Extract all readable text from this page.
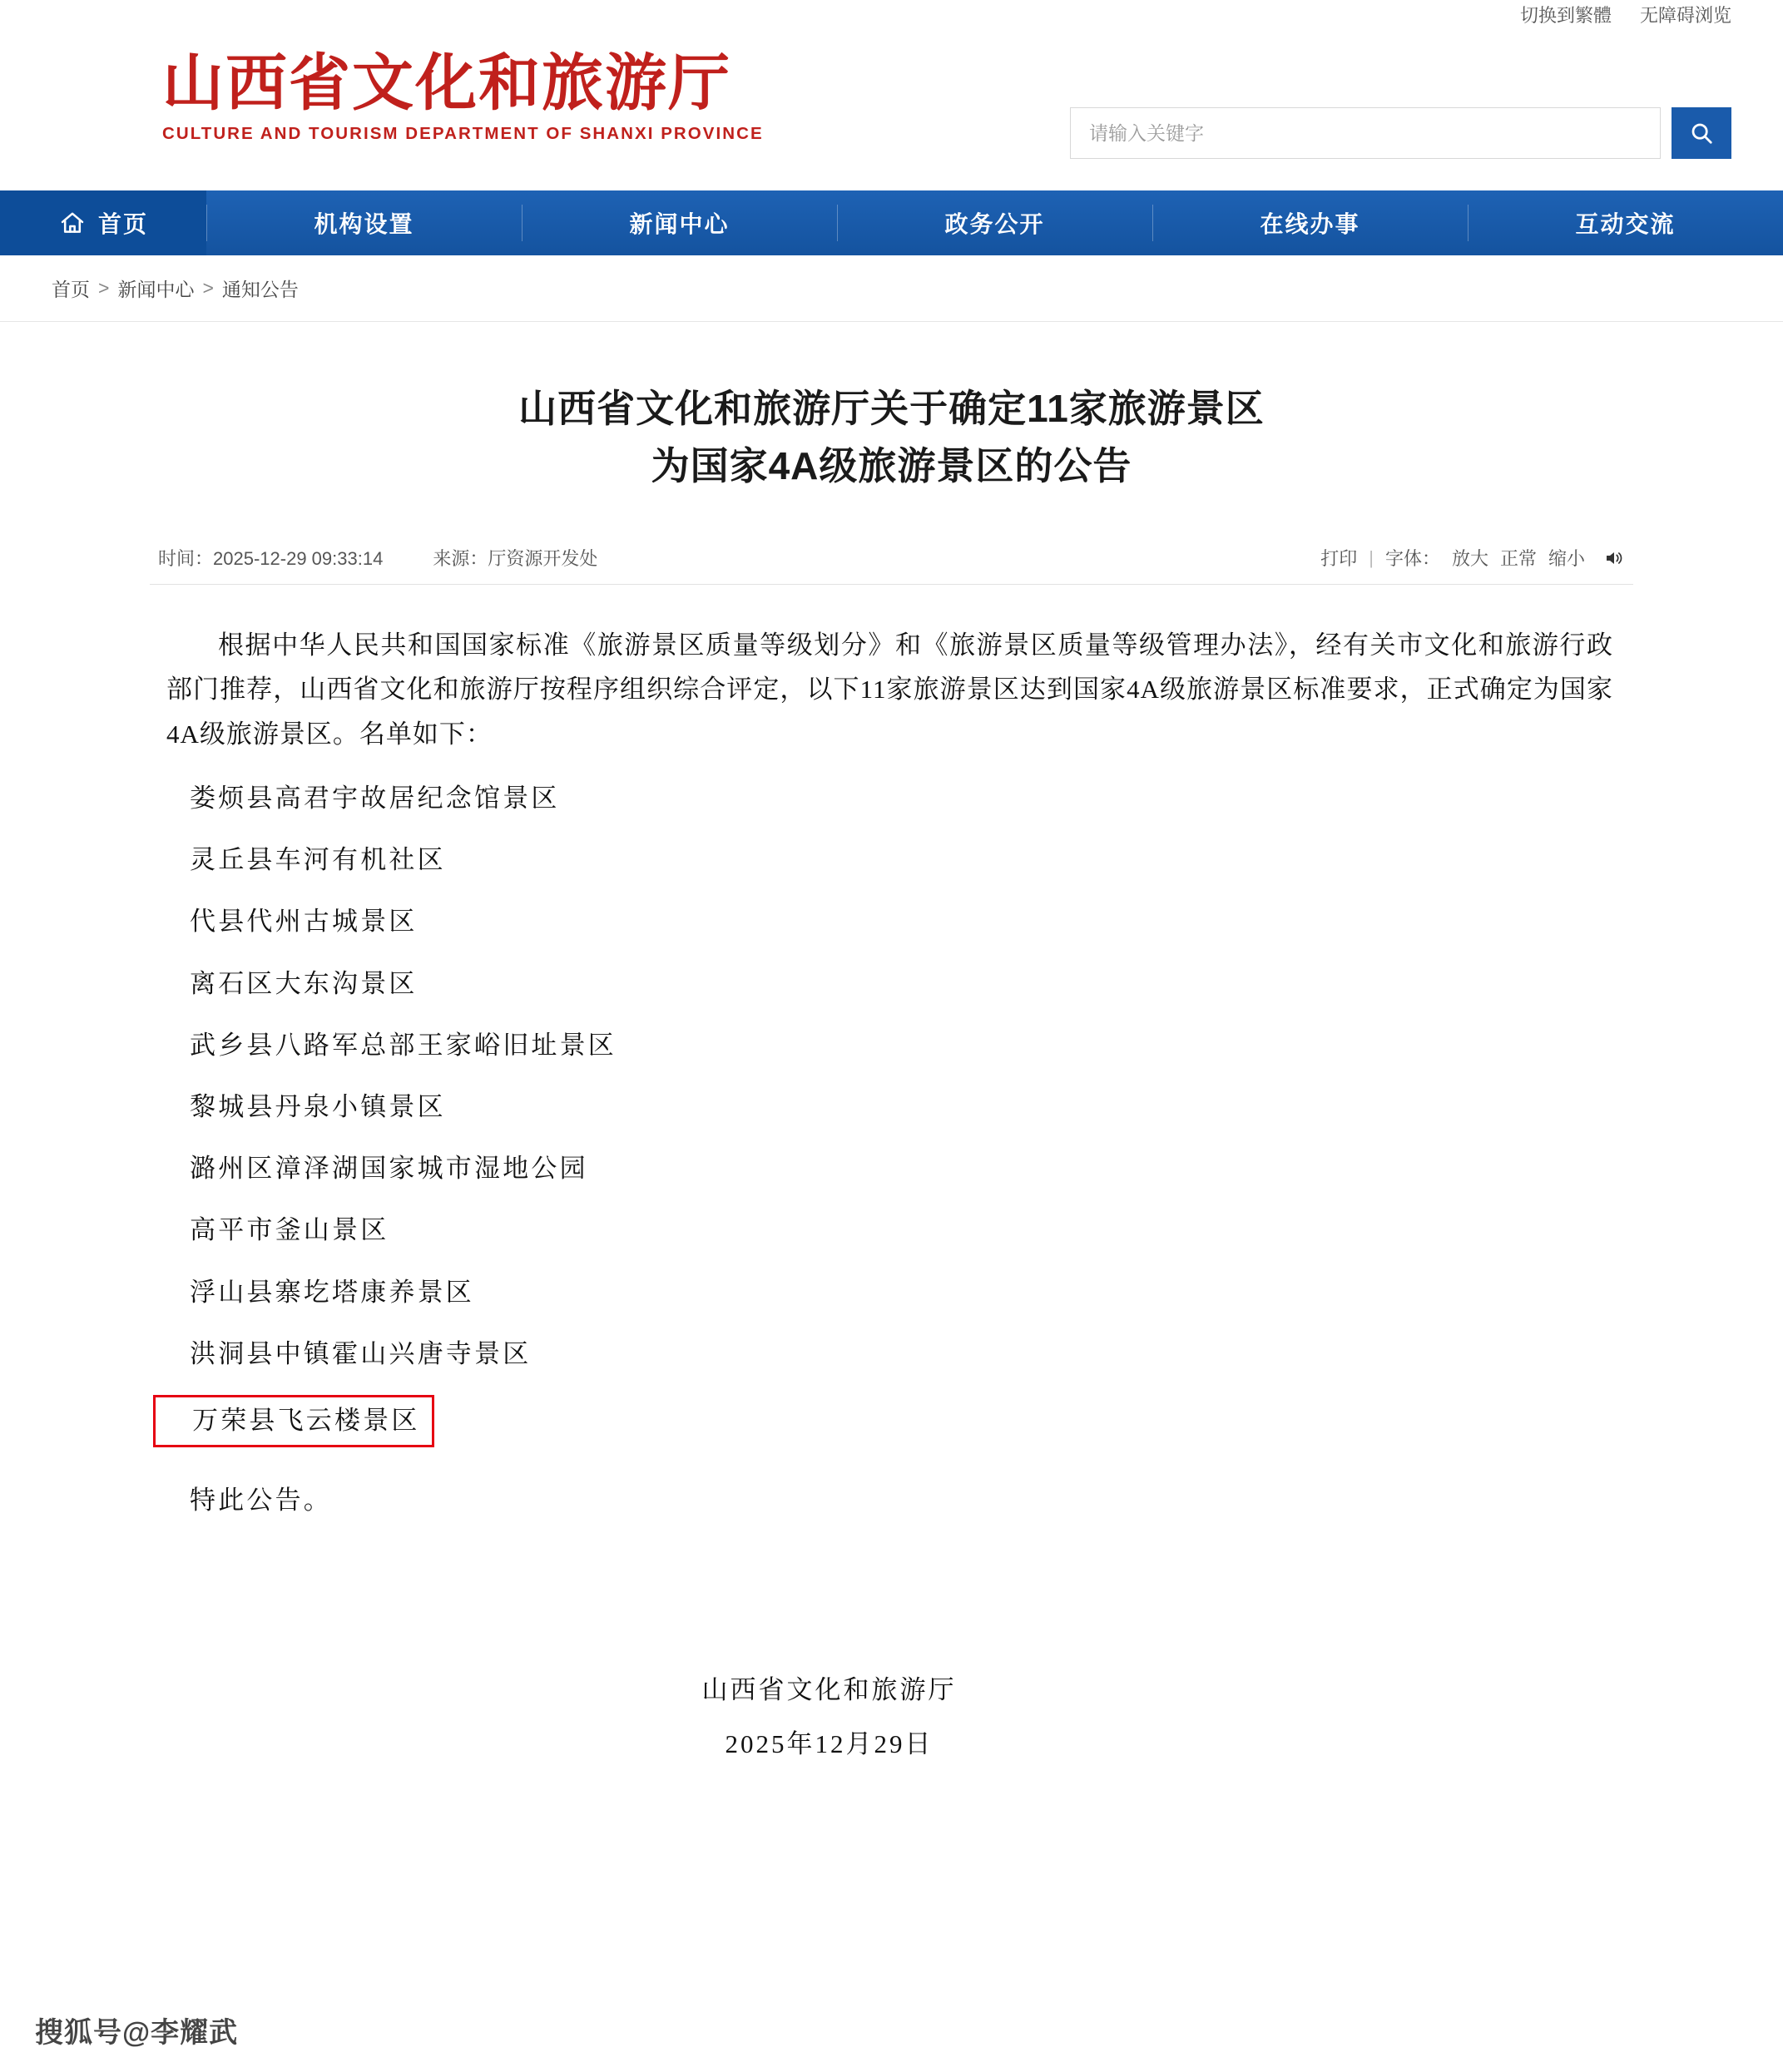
切换到繁體 无障碍浏览
山西省文化和旅游厅
CULTURE AND TOURISM DEPARTMENT OF SHANXI PROVINCE
请输入关键字
首页	机构设置	新闻中心	政务公开	在线办事	互动交流
首页 > 新闻中心 > 通知公告
山西省文化和旅游厅关于确定11家旅游景区
为国家4A级旅游景区的公告
时间：2025-12-29 09:33:14	来源：厅资源开发处	打印 | 字体： 放大 正常 缩小

根据中华人民共和国国家标准《旅游景区质量等级划分》和《旅游景区质量等级管理办法》，经有关市文化和旅游行政部门推荐，山西省文化和旅游厅按程序组织综合评定，以下11家旅游景区达到国家4A级旅游景区标准要求，正式确定为国家4A级旅游景区。名单如下：

娄烦县高君宇故居纪念馆景区
灵丘县车河有机社区
代县代州古城景区
离石区大东沟景区
武乡县八路军总部王家峪旧址景区
黎城县丹泉小镇景区
潞州区漳泽湖国家城市湿地公园
高平市釜山景区
浮山县寨圪塔康养景区
洪洞县中镇霍山兴唐寺景区
万荣县飞云楼景区
特此公告。
山西省文化和旅游厅
2025年12月29日
搜狐号@李耀武
